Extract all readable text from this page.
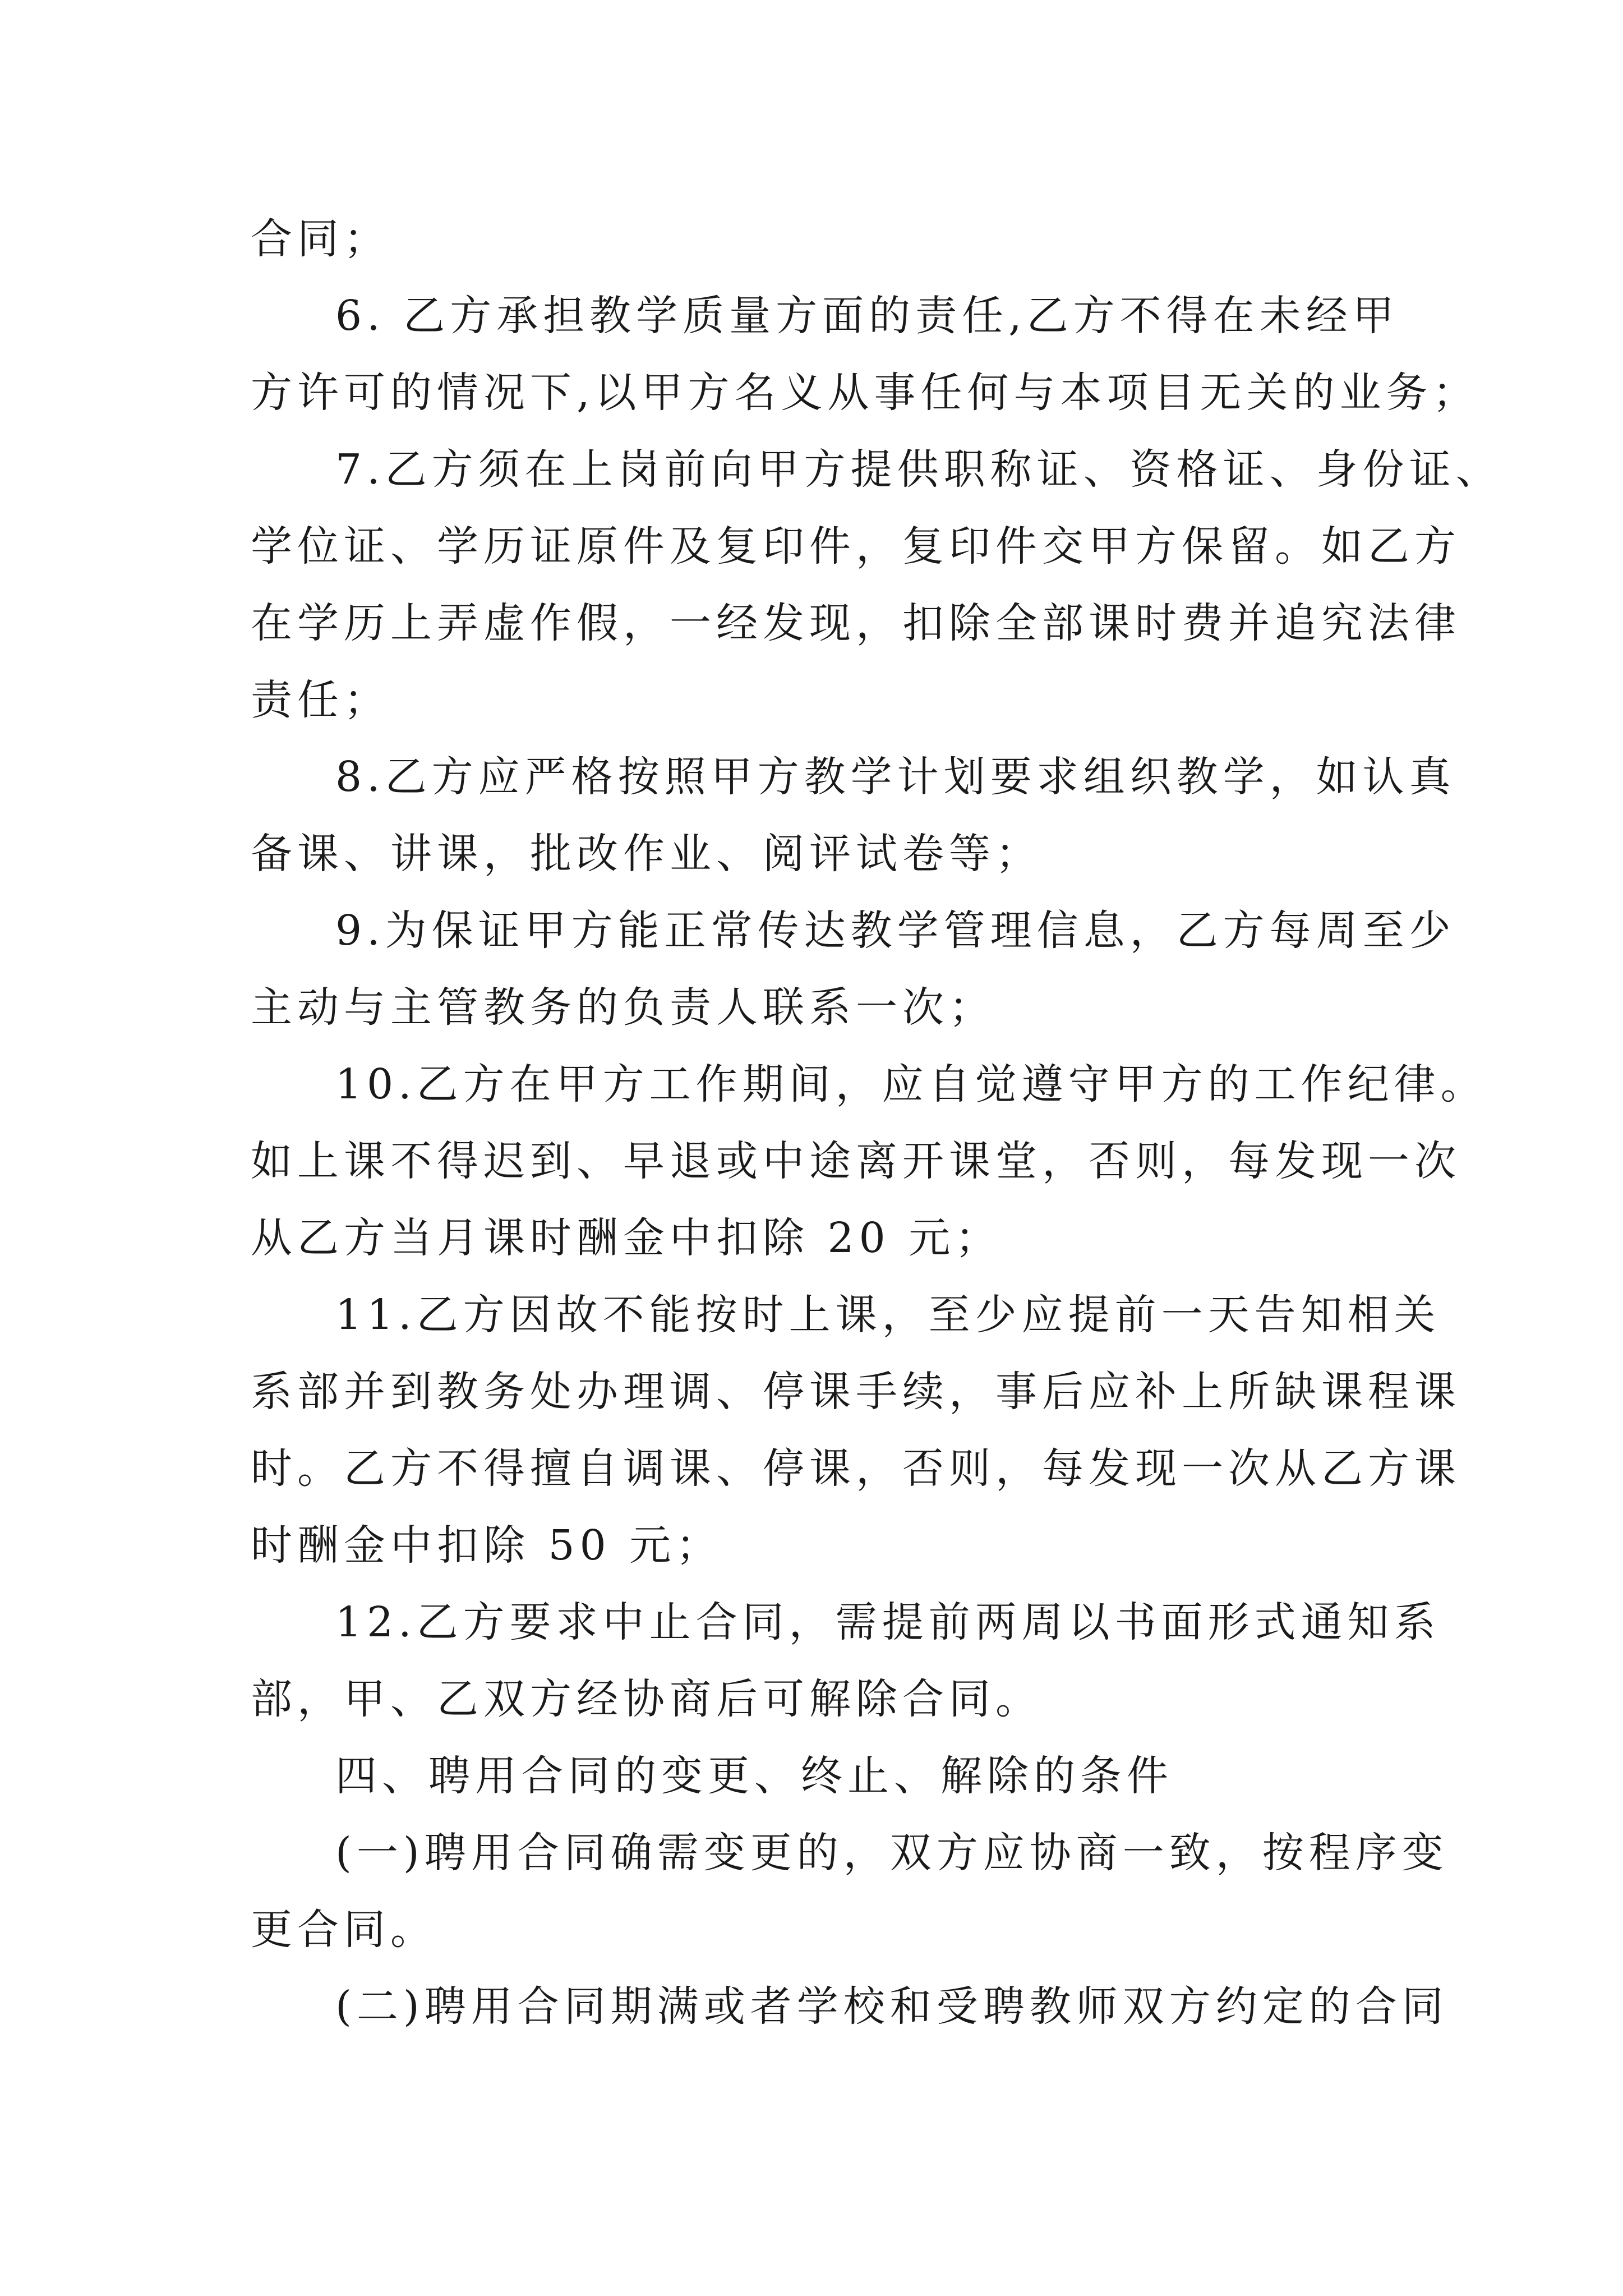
合同；
6. 乙方承担教学质量方面的责任,乙方不得在未经甲
方许可的情况下,以甲方名义从事任何与本项目无关的业务；
7.乙方须在上岗前向甲方提供职称证、资格证、身份证、
学位证、学历证原件及复印件，复印件交甲方保留。如乙方
在学历上弄虚作假，一经发现，扣除全部课时费并追究法律
责任；
8.乙方应严格按照甲方教学计划要求组织教学，如认真
备课、讲课，批改作业、阅评试卷等；
9.为保证甲方能正常传达教学管理信息，乙方每周至少
主动与主管教务的负责人联系一次；
10.乙方在甲方工作期间，应自觉遵守甲方的工作纪律。
如上课不得迟到、早退或中途离开课堂，否则，每发现一次
从乙方当月课时酬金中扣除 20 元；
11.乙方因故不能按时上课，至少应提前一天告知相关
系部并到教务处办理调、停课手续，事后应补上所缺课程课
时。乙方不得擅自调课、停课，否则，每发现一次从乙方课
时酬金中扣除 50 元；
12.乙方要求中止合同，需提前两周以书面形式通知系
部，甲、乙双方经协商后可解除合同。
四、聘用合同的变更、终止、解除的条件
(一)聘用合同确需变更的，双方应协商一致，按程序变
更合同。
(二)聘用合同期满或者学校和受聘教师双方约定的合同
